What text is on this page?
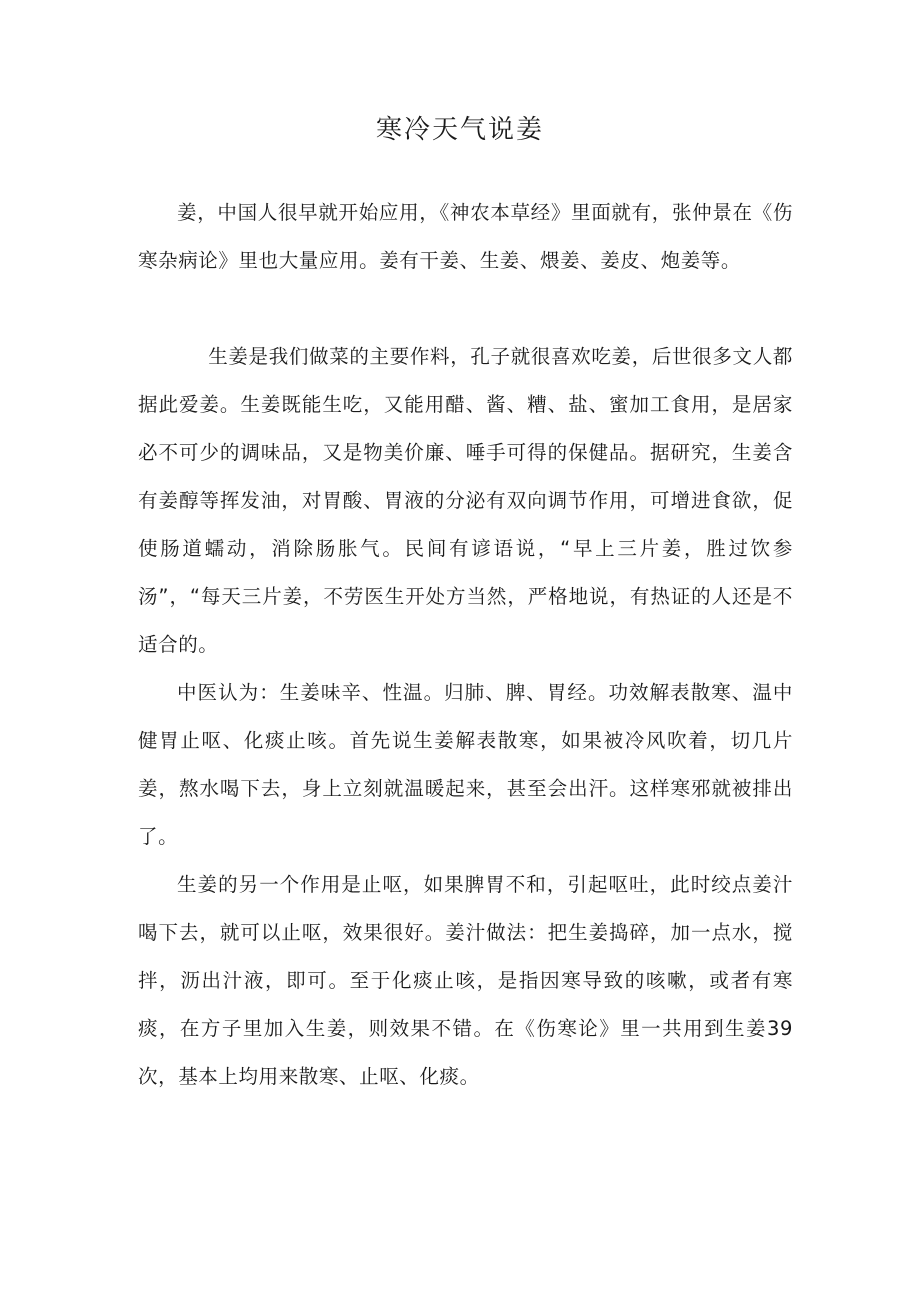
寒冷天气说姜

姜，中国人很早就开始应用，《神农本草经》里面就有，张仲景在《伤寒杂病论》里也大量应用。姜有干姜、生姜、煨姜、姜皮、炮姜等。

生姜是我们做菜的主要作料，孔子就很喜欢吃姜，后世很多文人都据此爱姜。生姜既能生吃，又能用醋、酱、糟、盐、蜜加工食用，是居家必不可少的调味品，又是物美价廉、唾手可得的保健品。据研究，生姜含有姜醇等挥发油，对胃酸、胃液的分泌有双向调节作用，可增进食欲，促使肠道蠕动，消除肠胀气。民间有谚语说，“早上三片姜，胜过饮参汤”，“每天三片姜，不劳医生开处方当然，严格地说，有热证的人还是不适合的。

中医认为：生姜味辛、性温。归肺、脾、胃经。功效解表散寒、温中健胃止呕、化痰止咳。首先说生姜解表散寒，如果被冷风吹着，切几片姜，熬水喝下去，身上立刻就温暖起来，甚至会出汗。这样寒邪就被排出了。

生姜的另一个作用是止呕，如果脾胃不和，引起呕吐，此时绞点姜汁喝下去，就可以止呕，效果很好。姜汁做法：把生姜捣碎，加一点水，搅拌，沥出汁液，即可。至于化痰止咳，是指因寒导致的咳嗽，或者有寒痰，在方子里加入生姜，则效果不错。在《伤寒论》里一共用到生姜39次，基本上均用来散寒、止呕、化痰。
